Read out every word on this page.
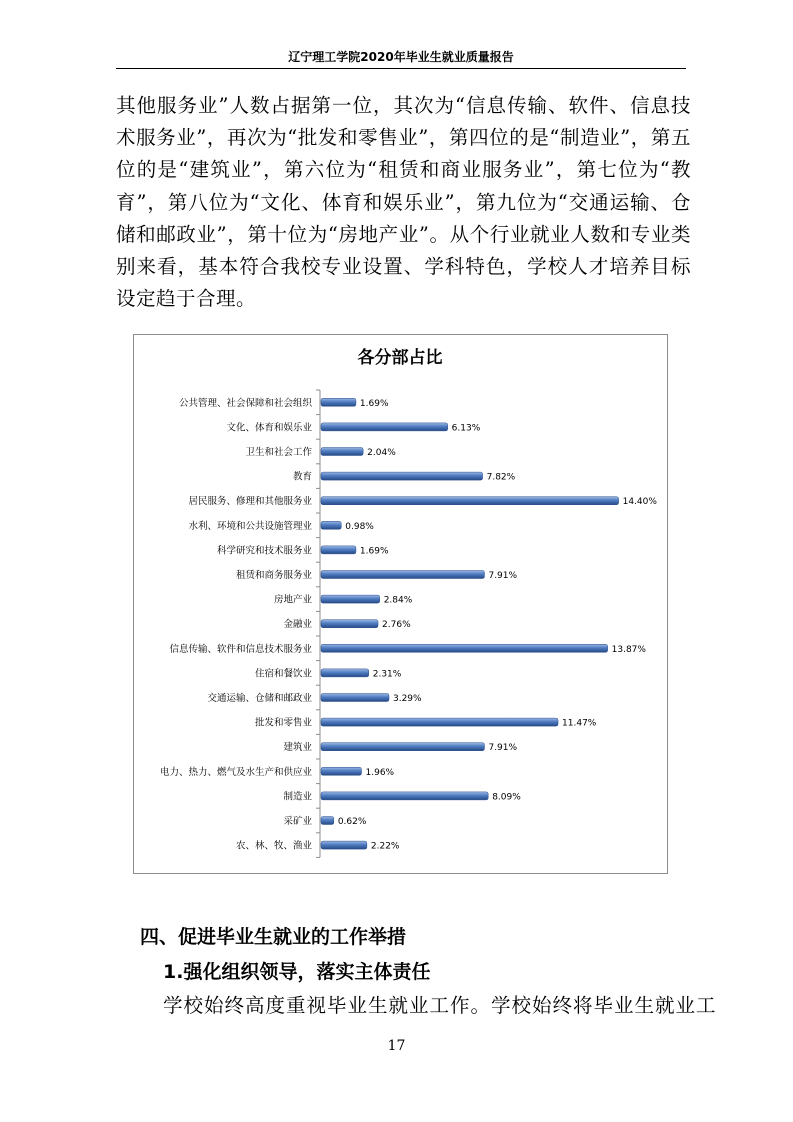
辽宁理工学院2020年毕业生就业质量报告

其他服务业”人数占据第一位，其次为“信息传输、软件、信息技术服务业”，再次为“批发和零售业”，第四位的是“制造业”，第五位的是“建筑业”，第六位为“租赁和商业服务业”，第七位为“教育”，第八位为“文化、体育和娱乐业”，第九位为“交通运输、仓储和邮政业”，第十位为“房地产业”。从个行业就业人数和专业类别来看，基本符合我校专业设置、学科特色，学校人才培养目标设定趋于合理。

各分部占比
公共管理、社会保障和社会组织	1.69%
文化、体育和娱乐业	6.13%
卫生和社会工作	2.04%
教育	7.82%
居民服务、修理和其他服务业	14.40%
水利、环境和公共设施管理业	0.98%
科学研究和技术服务业	1.69%
租赁和商务服务业	7.91%
房地产业	2.84%
金融业	2.76%
信息传输、软件和信息技术服务业	13.87%
住宿和餐饮业	2.31%
交通运输、仓储和邮政业	3.29%
批发和零售业	11.47%
建筑业	7.91%
电力、热力、燃气及水生产和供应业	1.96%
制造业	8.09%
采矿业	0.62%
农、林、牧、渔业	2.22%
四、促进毕业生就业的工作举措
1.强化组织领导，落实主体责任

学校始终高度重视毕业生就业工作。学校始终将毕业生就业工

17
